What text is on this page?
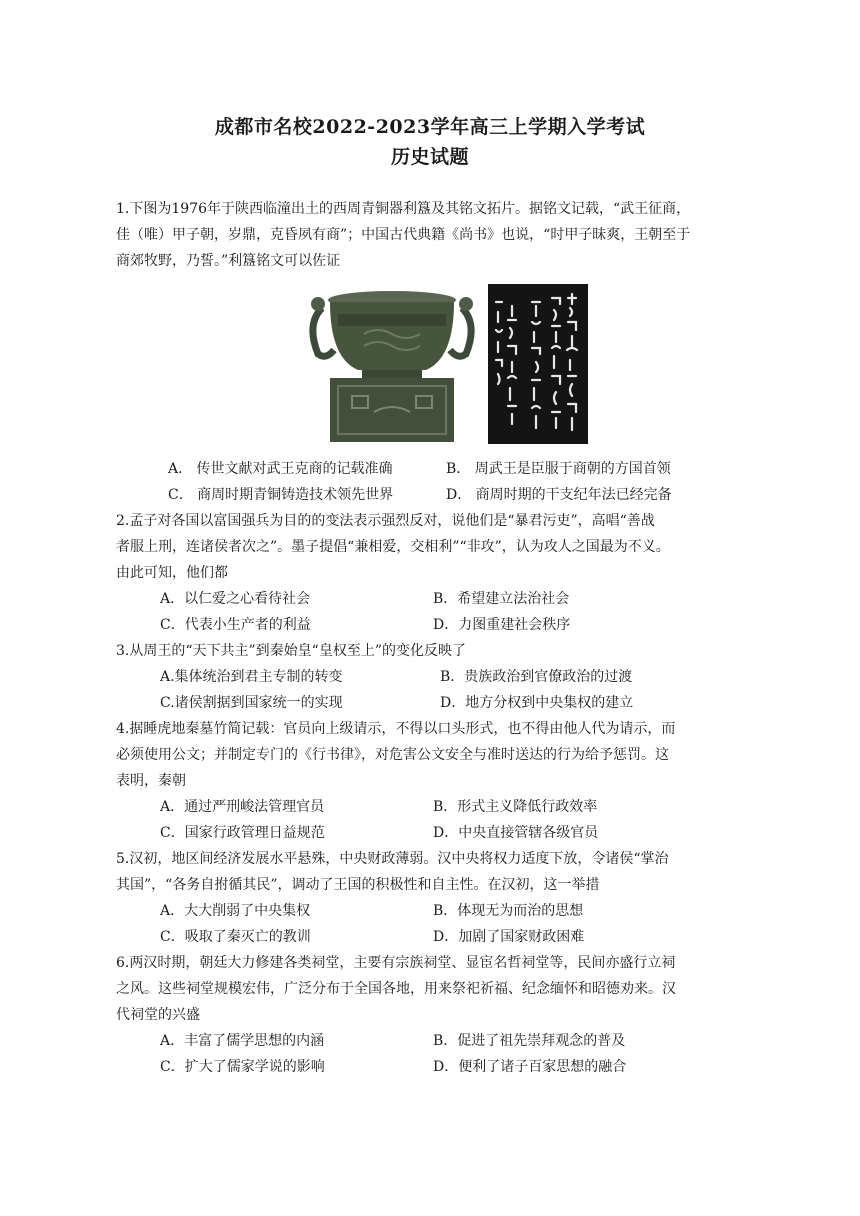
成都市名校2022-2023学年高三上学期入学考试
历史试题
1.下图为1976年于陕西临潼出土的西周青铜器利簋及其铭文拓片。据铭文记载，“武王征商，
佳（唯）甲子朝，岁鼎，克昏夙有商”；中国古代典籍《尚书》也说，“时甲子昧爽，王朝至于
商郊牧野，乃誓。”利簋铭文可以佐证
A． 传世文献对武王克商的记载准确	B． 周武王是臣服于商朝的方国首领
C． 商周时期青铜铸造技术领先世界	D． 商周时期的干支纪年法已经完备
2.孟子对各国以富国强兵为目的的变法表示强烈反对，说他们是“暴君污吏”，高唱“善战
者服上刑，连诸侯者次之”。墨子提倡“兼相爱，交相利”“非攻”，认为攻人之国最为不义。
由此可知，他们都
A．以仁爱之心看待社会	B．希望建立法治社会
C．代表小生产者的利益	D．力图重建社会秩序
3.从周王的“天下共主”到秦始皇“皇权至上”的变化反映了
A.集体统治到君主专制的转变	B．贵族政治到官僚政治的过渡
C.诸侯割据到国家统一的实现	D．地方分权到中央集权的建立
4.据睡虎地秦墓竹简记载：官员向上级请示，不得以口头形式，也不得由他人代为请示，而
必须使用公文；并制定专门的《行书律》，对危害公文安全与准时送达的行为给予惩罚。这
表明，秦朝
A．通过严刑峻法管理官员	B．形式主义降低行政效率
C．国家行政管理日益规范	D．中央直接管辖各级官员
5.汉初，地区间经济发展水平悬殊，中央财政薄弱。汉中央将权力适度下放，令诸侯“掌治
其国”，“各务自拊循其民”，调动了王国的积极性和自主性。在汉初，这一举措
A．大大削弱了中央集权	B．体现无为而治的思想
C．吸取了秦灭亡的教训	D．加剧了国家财政困难
6.两汉时期，朝廷大力修建各类祠堂，主要有宗族祠堂、显宦名哲祠堂等，民间亦盛行立祠
之风。这些祠堂规模宏伟，广泛分布于全国各地，用来祭祀祈福、纪念缅怀和昭德劝来。汉
代祠堂的兴盛
A．丰富了儒学思想的内涵	B．促进了祖先崇拜观念的普及
C．扩大了儒家学说的影响	D．便利了诸子百家思想的融合
